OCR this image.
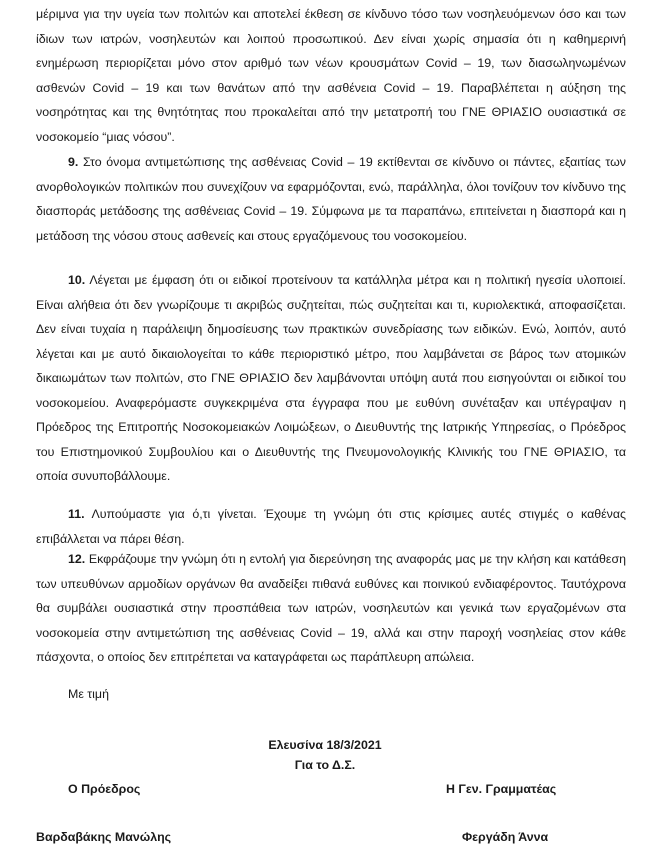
μέριμνα για την υγεία των πολιτών και αποτελεί έκθεση σε κίνδυνο τόσο των νοσηλευόμενων όσο και των ίδιων των ιατρών, νοσηλευτών και λοιπού προσωπικού. Δεν είναι χωρίς σημασία ότι η καθημερινή ενημέρωση περιορίζεται μόνο στον αριθμό των νέων κρουσμάτων Covid – 19, των διασωληνωμένων ασθενών Covid – 19 και των θανάτων από την ασθένεια Covid – 19. Παραβλέπεται η αύξηση της νοσηρότητας και της θνητότητας που προκαλείται από την μετατροπή του ΓΝΕ ΘΡΙΑΣΙΟ ουσιαστικά σε νοσοκομείο “μιας νόσου”.

9. Στο όνομα αντιμετώπισης της ασθένειας Covid – 19 εκτίθενται σε κίνδυνο οι πάντες, εξαιτίας των ανορθολογικών πολιτικών που συνεχίζουν να εφαρμόζονται, ενώ, παράλληλα, όλοι τονίζουν τον κίνδυνο της διασποράς μετάδοσης της ασθένειας Covid – 19. Σύμφωνα με τα παραπάνω, επιτείνεται η διασπορά και η μετάδοση της νόσου στους ασθενείς και στους εργαζόμενους του νοσοκομείου.

10. Λέγεται με έμφαση ότι οι ειδικοί προτείνουν τα κατάλληλα μέτρα και η πολιτική ηγεσία υλοποιεί. Είναι αλήθεια ότι δεν γνωρίζουμε τι ακριβώς συζητείται, πώς συζητείται και τι, κυριολεκτικά, αποφασίζεται. Δεν είναι τυχαία η παράλειψη δημοσίευσης των πρακτικών συνεδρίασης των ειδικών. Ενώ, λοιπόν, αυτό λέγεται και με αυτό δικαιολογείται το κάθε περιοριστικό μέτρο, που λαμβάνεται σε βάρος των ατομικών δικαιωμάτων των πολιτών, στο ΓΝΕ ΘΡΙΑΣΙΟ δεν λαμβάνονται υπόψη αυτά που εισηγούνται οι ειδικοί του νοσοκομείου. Αναφερόμαστε συγκεκριμένα στα έγγραφα που με ευθύνη συνέταξαν και υπέγραψαν η Πρόεδρος της Επιτροπής Νοσοκομειακών Λοιμώξεων, ο Διευθυντής της Ιατρικής Υπηρεσίας, ο Πρόεδρος του Επιστημονικού Συμβουλίου και ο Διευθυντής της Πνευμονολογικής Κλινικής του ΓΝΕ ΘΡΙΑΣΙΟ, τα οποία συνυποβάλλουμε.

11. Λυπούμαστε για ό,τι γίνεται. Έχουμε τη γνώμη ότι στις κρίσιμες αυτές στιγμές ο καθένας επιβάλλεται να πάρει θέση.

12. Εκφράζουμε την γνώμη ότι η εντολή για διερεύνηση της αναφοράς μας με την κλήση και κατάθεση των υπευθύνων αρμοδίων οργάνων θα αναδείξει πιθανά ευθύνες και ποινικού ενδιαφέροντος. Ταυτόχρονα θα συμβάλει ουσιαστικά στην προσπάθεια των ιατρών, νοσηλευτών και γενικά των εργαζομένων στα νοσοκομεία στην αντιμετώπιση της ασθένειας Covid – 19, αλλά και στην παροχή νοσηλείας στον κάθε πάσχοντα, ο οποίος δεν επιτρέπεται να καταγράφεται ως παράπλευρη απώλεια.

Με τιμή
Ελευσίνα 18/3/2021
Για το Δ.Σ.
Ο Πρόεδρος	Η Γεν. Γραμματέας
Βαρδαβάκης Μανώλης	Φεργάδη Άννα
